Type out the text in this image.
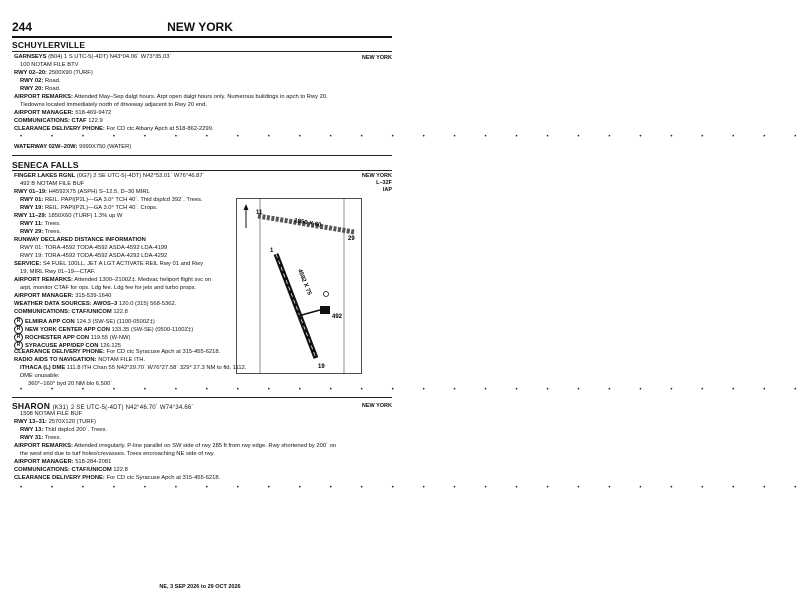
244	NEW YORK
SCHUYLERVILLE
NEW YORK
GARNSEYS (B04) 1 S UTC-5(-4DT) N43°04.06´ W73°35.03´
100 NOTAM FILE BTV
RWY 02–20: 2500X90 (TURF)
RWY 02: Road.
RWY 20: Road.
AIRPORT REMARKS: Attended May–Sep dalgt hours. Arpt open dalgt hours only. Numerous buildings in apch to Rwy 20.
Tiedowns located immediately north of driveway adjacent to Rwy 20 end.
AIRPORT MANAGER: 518-469-9472
COMMUNICATIONS: CTAF 122.9
CLEARANCE DELIVERY PHONE: For CD ctc Albany Apch at 518-862-2299.
• • • • • • • • • • • • • • • • • • • • • • • • • •
WATERWAY 02W–20W: 9999X750 (WATER)
SENECA FALLS
NEW YORK
L–32F
IAP
FINGER LAKES RGNL (0G7) 2 SE UTC-5(-4DT) N42°53.01´ W76°46.87´
492 B NOTAM FILE BUF
RWY 01–19: H4592X75 (ASPH) S–12.5, D–30 MIRL
RWY 01: REIL. PAPI(P2L)—GA 3.0° TCH 40´. Thld dsplcd 392´. Trees.
RWY 19: REIL. PAPI(P2L)—GA 3.0° TCH 40´. Crops.
RWY 11–29: 1850X60 (TURF) 1.3% up W
RWY 11: Trees.
RWY 29: Trees.
RUNWAY DECLARED DISTANCE INFORMATION
RWY 01: TORA-4592 TODA-4592 ASDA-4592 LDA-4199
RWY 19: TORA-4592 TODA-4592 ASDA-4292 LDA-4292
SERVICE: S4 FUEL 100LL, JET A LGT ACTIVATE REIL Rwy 01 and Rwy
19, MIRL Rwy 01–19—CTAF.
AIRPORT REMARKS: Attended 1300–2100Z‡. Medvac heliport flight svc on
arpt, monitor CTAF for ops. Ldg fee. Ldg fee for jets and turbo props.
AIRPORT MANAGER: 315-539-1640
WEATHER DATA SOURCES: AWOS–3 120.0 (315) 568-5362.
COMMUNICATIONS: CTAF/UNICOM 122.8
R ELMIRA APP CON 124.3 (SW-SE) (1100-0500Z‡)
R NEW YORK CENTER APP CON 133.35 (SW-SE) (0500-1100Z‡)
R ROCHESTER APP CON 119.55 (W-NW)
R SYRACUSE APP/DEP CON 126.125
CLEARANCE DELIVERY PHONE: For CD ctc Syracuse Apch at 315-455-6218.
RADIO AIDS TO NAVIGATION: NOTAM FILE ITH.
ITHACA (L) DME 111.8 ITH Chan 55 N42°29.70´ W76°27.58´ 329° 27.3 NM to fld. 1112.
DME unusable:
360°–160° byd 20 NM blo 6,500´
11
29
1
19
1850 X 60
4592 X 75
492
• • • • • • • • • • • • • • • • • • • • • • • • • •
SHARON (K31) 2 SE UTC-5(-4DT) N42°46.70´ W74°34.66´	NEW YORK
1508 NOTAM FILE BUF
RWY 13–31: 2570X120 (TURF)
RWY 13: Thld dsplcd 200´. Trees.
RWY 31: Trees.
AIRPORT REMARKS: Attended irregularly. P-line parallel on SW side of rwy 285 ft from rwy edge. Rwy shortened by 200´ on
the west end due to turf holes/crevasses. Trees encroaching NE side of rwy.
AIRPORT MANAGER: 518-284-2081
COMMUNICATIONS: CTAF/UNICOM 122.8
CLEARANCE DELIVERY PHONE: For CD ctc Syracuse Apch at 315-455-6218.
• • • • • • • • • • • • • • • • • • • • • • • • • •
NE, 3 SEP 2026 to 29 OCT 2026
